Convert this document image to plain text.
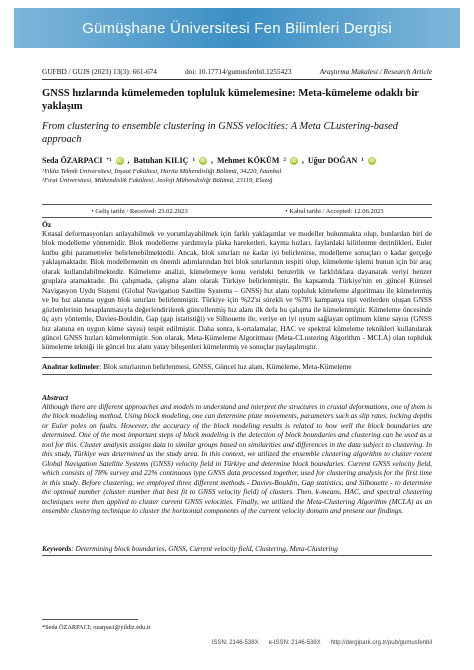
Gümüşhane Üniversitesi Fen Bilimleri Dergisi
GUFBD / GUJS (2023) 13(3): 661-674	doi: 10.17714/gumusfenbil.1255423	Araştırma Makalesi / Research Article
GNSS hızlarında kümelemeden topluluk kümelemesine: Meta-kümeleme odaklı bir yaklaşım
From clustering to ensemble clustering in GNSS velocities: A Meta CLustering-based approach
Seda ÖZARPACI *1 iD , Batuhan KILIÇ 1 iD , Mehmet KÖKÜM 2 iD , Uğur DOĞAN 1 iD
¹Yıldız Teknik Üniversitesi, İnşaat Fakültesi, Harita Mühendisliği Bölümü, 34220, İstanbul
²Fırat Üniversitesi, Mühendislik Fakültesi, Jeoloji Mühendisliği Bölümü, 23119, Elazığ
• Geliş tarihi / Received: 23.02.2023	• Kabul tarihi / Accepted: 12.06.2023
Öz
Kıtasal deformasyonları anlayabilmek ve yorumlayabilmek için farklı yaklaşımlar ve modeller bulunmakta olup, bunlardan biri de blok modelleme yöntemidir. Blok modellerne yardımıyla plaka hareketleri, kayma hızları, faylardaki kilitlenme derinlikleri, Euler kutbu gibi parametreler belirlenebilmektedir. Ancak, blok sınırları ne kadar iyi belirlenirse, modelleme sonuçları o kadar gerçeğe yaklaşmaktadır. Blok modellemenin en önemli adımlarından biri blok sınırlarının tespiti olup, kümeleme işlemi bunun için bir araç olarak kullanılabilmektedir. Kümeleme analizi, kümelemeye konu verideki benzerlik ve farklılıklara dayanarak veriyi benzer gruplara atamaktadır. Bu çalışmada, çalışma alanı olarak Türkiye belirlenmiştir. Bu kapsamda Türkiye'nin en güncel Küresel Navigasyon Uydu Sistemi (Global Navigation Satellite Systems – GNSS) hız alanı topluluk kümeleme algoritması ile kümelenmiş ve bu hız alanına uygun blok sınırları belirlenmiştir. Türkiye için %22'si sürekli ve %78'i kampanya tipi verilerden oluşan GNSS gözlemlerinin hesaplanmasıyla değerlendirilerek güncellenmiş hız alanı ilk defa bu çalışma ile kümelenmiştir. Kümeleme öncesinde üç ayrı yöntemle, Davies-Bouldin, Gap (gap istatistiği) ve Silhouette ile, veriye en iyi uyum sağlayan optimum küme sayısı (GNSS hız alanına en uygun küme sayısı) tespit edilmiştir. Daha sonra, k-ortalamalar, HAC ve spektral kümeleme teknikleri kullanılarak güncel GNSS hızları kümelenmiştir. Son olarak, Meta-Kümeleme Algoritması (Meta-CLustering Algorithm - MCLA) olan topluluk kümeleme tekniği ile güncel hız alanı yatay bileşenleri kümelenmiş ve sonuçlar paylaşılmıştır.
Anahtar kelimeler: Blok sınırlarının belirlenmesi, GNSS, Güncel hız alanı, Kümeleme, Meta-Kümeleme
Abstract
Although there are different approaches and models to understand and interpret the structures in crustal deformations, one of them is the block modeling method. Using block modeling, one can determine plate movements, parameters such as slip rates, locking depths or Euler poles on faults. However, the accuracy of the block modeling results is related to how well the block boundaries are determined. One of the most important steps of block modeling is the detection of block boundaries and clustering can be used as a tool for this. Cluster analysis assigns data to similar groups based on similarities and differences in the data subject to clustering. In this study, Türkiye was determined as the study area. In this context, we utilized the ensemble clustering algorithm to cluster recent Global Navigation Satellite Systems (GNSS) velocity field in Türkiye and determine block boundaries. Current GNSS velocity field, which consists of 78% survey and 22% continuous type GNSS data processed together, used for clustering analysis for the first time in this study. Before clustering, we employed three different methods - Davies-Bouldin, Gap statistics, and Silhouette - to determine the optimal number (cluster number that best fit to GNSS velocity field) of clusters. Then, k-means, HAC, and spectral clustering techniques were then applied to cluster current GNSS velocities. Finally, we utilized the Meta-Clustering Algorithm (MCLA) as an ensemble clustering technique to cluster the horizontal components of the current velocity domain and present our findings.
Keywords: Determining block boundaries, GNSS, Current velocity field, Clustering, Meta-Clustering
*Seda ÖZARPACI; ozarpaci@yildiz.edu.tr
ISSN: 2146-538X e-ISSN: 2146-538X http://dergipark.org.tr/pub/gumusfenbil
